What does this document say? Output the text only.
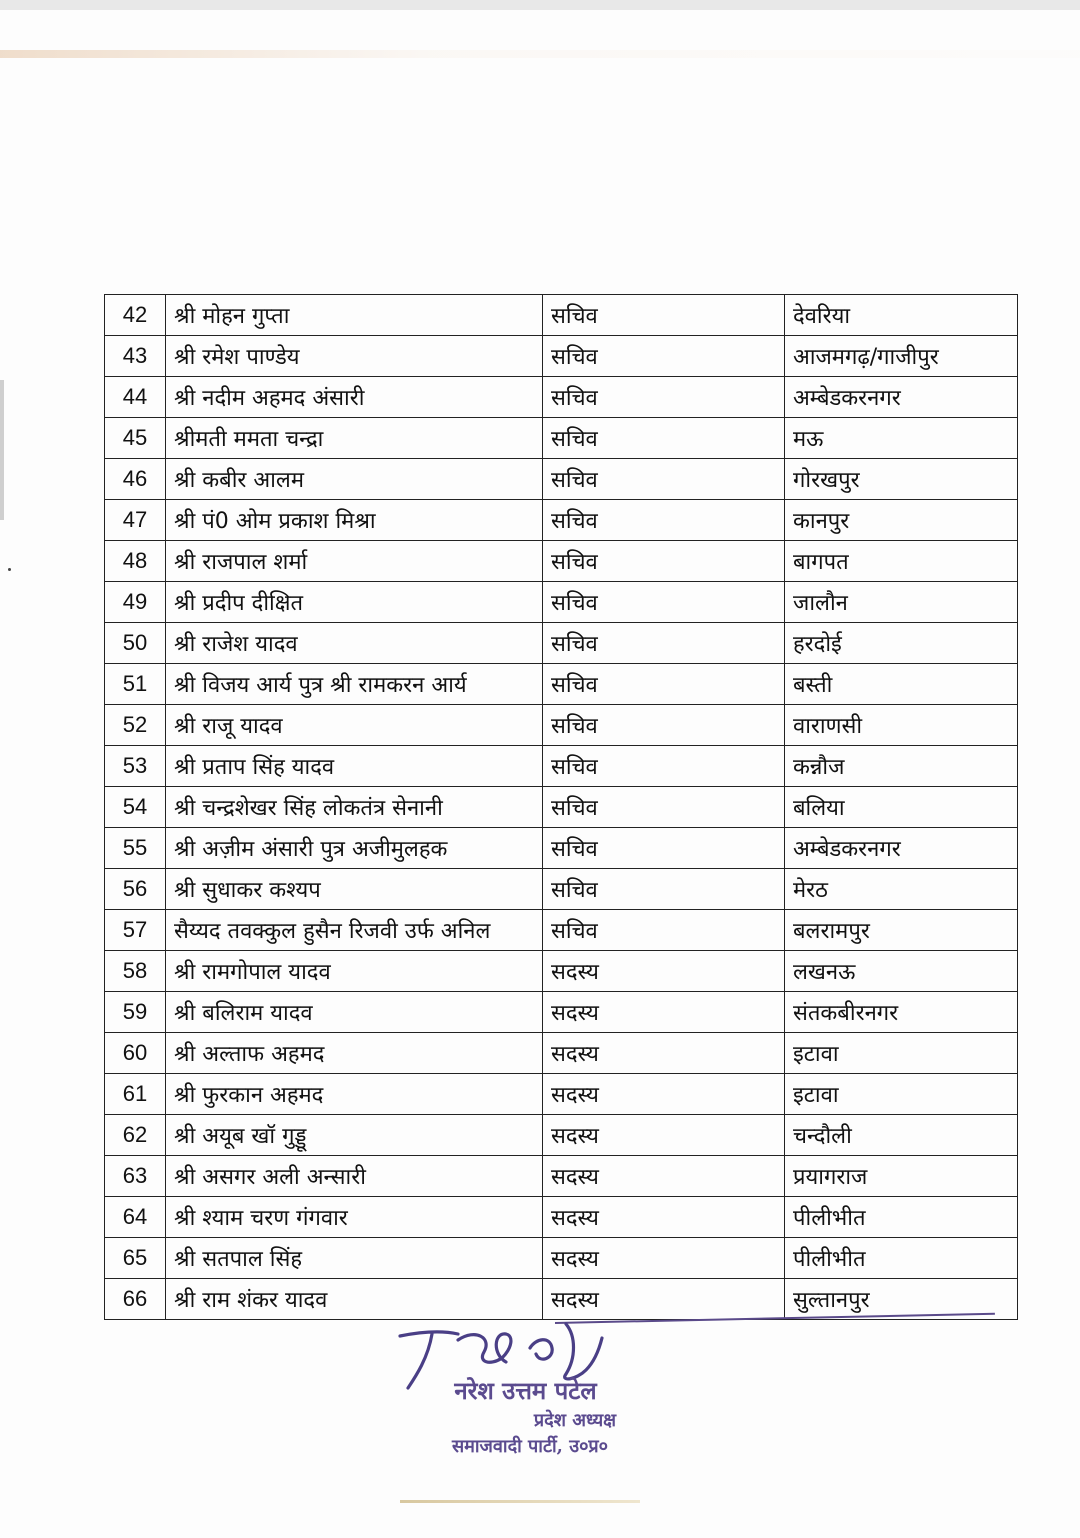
42	श्री मोहन गुप्ता	सचिव	देवरिया
43	श्री रमेश पाण्डेय	सचिव	आजमगढ़/गाजीपुर
44	श्री नदीम अहमद अंसारी	सचिव	अम्बेडकरनगर
45	श्रीमती ममता चन्द्रा	सचिव	मऊ
46	श्री कबीर आलम	सचिव	गोरखपुर
47	श्री पं0 ओम प्रकाश मिश्रा	सचिव	कानपुर
48	श्री राजपाल शर्मा	सचिव	बागपत
49	श्री प्रदीप दीक्षित	सचिव	जालौन
50	श्री राजेश यादव	सचिव	हरदोई
51	श्री विजय आर्य पुत्र श्री रामकरन आर्य	सचिव	बस्ती
52	श्री राजू यादव	सचिव	वाराणसी
53	श्री प्रताप सिंह यादव	सचिव	कन्नौज
54	श्री चन्द्रशेखर सिंह लोकतंत्र सेनानी	सचिव	बलिया
55	श्री अज़ीम अंसारी पुत्र अजीमुलहक	सचिव	अम्बेडकरनगर
56	श्री सुधाकर कश्यप	सचिव	मेरठ
57	सैय्यद तवक्कुल हुसैन रिजवी उर्फ अनिल	सचिव	बलरामपुर
58	श्री रामगोपाल यादव	सदस्य	लखनऊ
59	श्री बलिराम यादव	सदस्य	संतकबीरनगर
60	श्री अल्ताफ अहमद	सदस्य	इटावा
61	श्री फुरकान अहमद	सदस्य	इटावा
62	श्री अयूब खॉ गुड्डू	सदस्य	चन्दौली
63	श्री असगर अली अन्सारी	सदस्य	प्रयागराज
64	श्री श्याम चरण गंगवार	सदस्य	पीलीभीत
65	श्री सतपाल सिंह	सदस्य	पीलीभीत
66	श्री राम शंकर यादव	सदस्य	सुल्तानपुर
नरेश उत्तम पटेल
प्रदेश अध्यक्ष
समाजवादी पार्टी, उ०प्र०
